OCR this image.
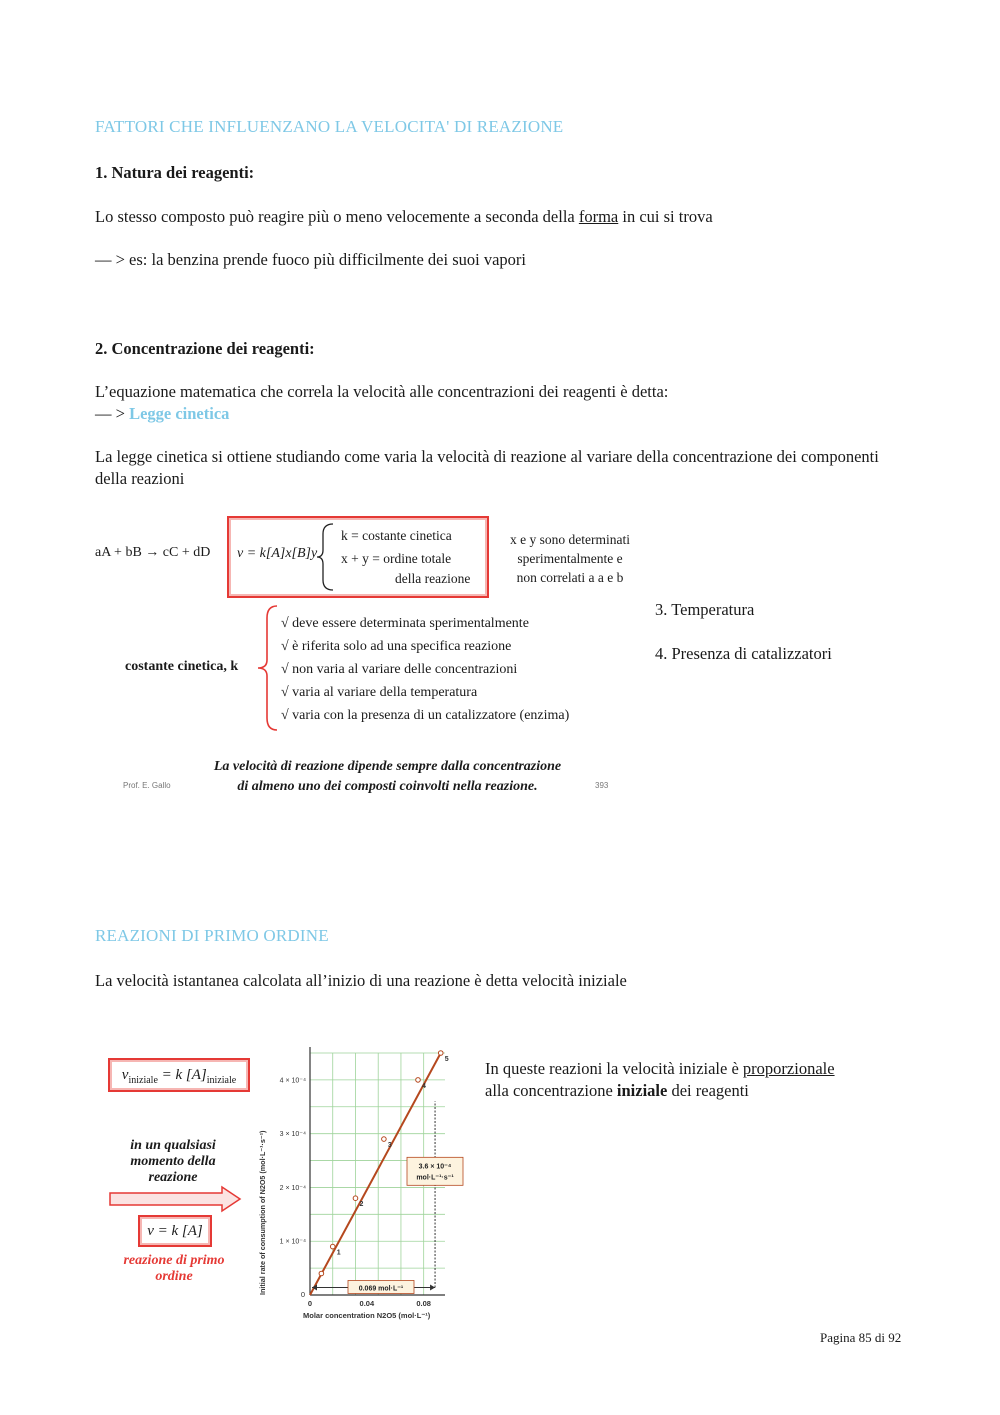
FATTORI CHE INFLUENZANO LA VELOCITA' DI REAZIONE
1. Natura dei reagenti:
Lo stesso composto può reagire più o meno velocemente a seconda della forma in cui si trova
— > es: la benzina prende fuoco più difficilmente dei suoi vapori
2. Concentrazione dei reagenti:
L’equazione matematica che correla la velocità alle concentrazioni dei reagenti è detta:
— > Legge cinetica
La legge cinetica si ottiene studiando come varia la velocità di reazione al variare della concentrazione dei componenti della reazioni
aA + bB → cC + dD v = k[A]x[B]y
k = costante cinetica
x + y = ordine totale
della reazione
x e y sono determinati
sperimentalmente e
non correlati a a e b
costante cinetica, k
√ deve essere determinata sperimentalmente
√ è riferita solo ad una specifica reazione
√ non varia al variare delle concentrazioni
√ varia al variare della temperatura
√ varia con la presenza di un catalizzatore (enzima)
La velocità di reazione dipende sempre dalla concentrazione
di almeno uno dei composti coinvolti nella reazione.
Prof. E. Gallo	393
3. Temperatura
4. Presenza di catalizzatori
REAZIONI DI PRIMO ORDINE
La velocità istantanea calcolata all’inizio di una reazione è detta velocità iniziale
In queste reazioni la velocità iniziale è proporzionale
alla concentrazione iniziale dei reagenti
$v_{iniziale} = k$ $[A]_{iniziale}$
in un qualsiasi momento della reazione
v = k [A]
reazione di primo ordine
1 × 10⁻⁴
2 × 10⁻⁴
3 × 10⁻⁴
4 × 10⁻⁴
0
0	0.04	0.08
1
2
3
4
5
0.069 mol·L⁻¹
3.6 × 10⁻⁴
mol·L⁻¹·s⁻¹
Initial rate of consumption of N2O5 (mol·L⁻¹·s⁻¹)
Molar concentration N2O5 (mol·L⁻¹)
Pagina 85 di 92
